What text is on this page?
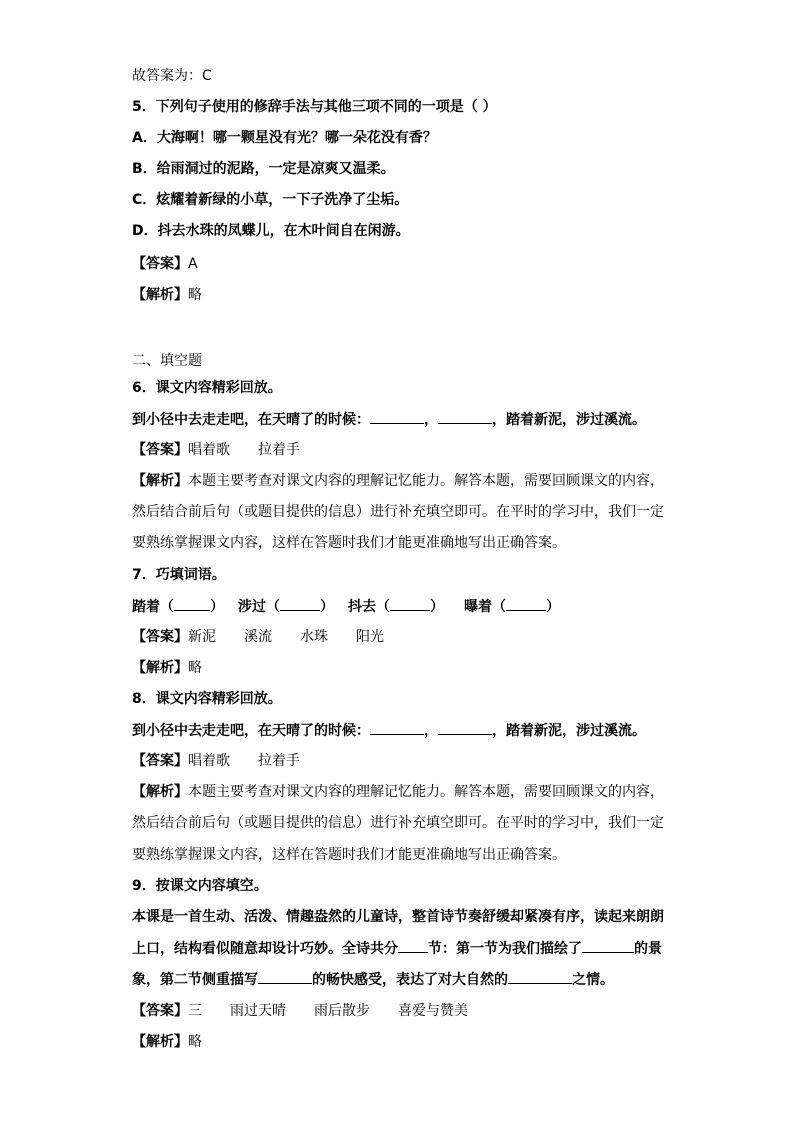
故答案为：C
5．下列句子使用的修辞手法与其他三项不同的一项是（ ）
A．大海啊！哪一颗星没有光？哪一朵花没有香？
B．给雨洞过的泥路，一定是凉爽又温柔。
C．炫耀着新绿的小草，一下子洗净了尘垢。
D．抖去水珠的凤蝶儿，在木叶间自在闲游。
【答案】A
【解析】略
二、填空题
6．课文内容精彩回放。
到小径中去走走吧，在天晴了的时候：	，	，踏着新泥，涉过溪流。
【答案】唱着歌 拉着手
【解析】本题主要考查对课文内容的理解记忆能力。解答本题，需要回顾课文的内容，
然后结合前后句（或题目提供的信息）进行补充填空即可。在平时的学习中，我们一定
要熟练掌握课文内容，这样在答题时我们才能更准确地写出正确答案。
7．巧填词语。
踏着（	） 涉过（	） 抖去（	） 曝着（	）
【答案】新泥 溪流 水珠 阳光
【解析】略
8．课文内容精彩回放。
到小径中去走走吧，在天晴了的时候：	，	，踏着新泥，涉过溪流。
【答案】唱着歌 拉着手
【解析】本题主要考查对课文内容的理解记忆能力。解答本题，需要回顾课文的内容，
然后结合前后句（或题目提供的信息）进行补充填空即可。在平时的学习中，我们一定
要熟练掌握课文内容，这样在答题时我们才能更准确地写出正确答案。
9．按课文内容填空。
本课是一首生动、活泼、情趣盎然的儿童诗，整首诗节奏舒缓却紧凑有序，读起来朗朗
上口，结构看似随意却设计巧妙。全诗共分 节：第一节为我们描绘了	的景
象，第二节侧重描写	的畅快感受，表达了对大自然的	之情。
【答案】三 雨过天晴 雨后散步 喜爱与赞美
【解析】略
